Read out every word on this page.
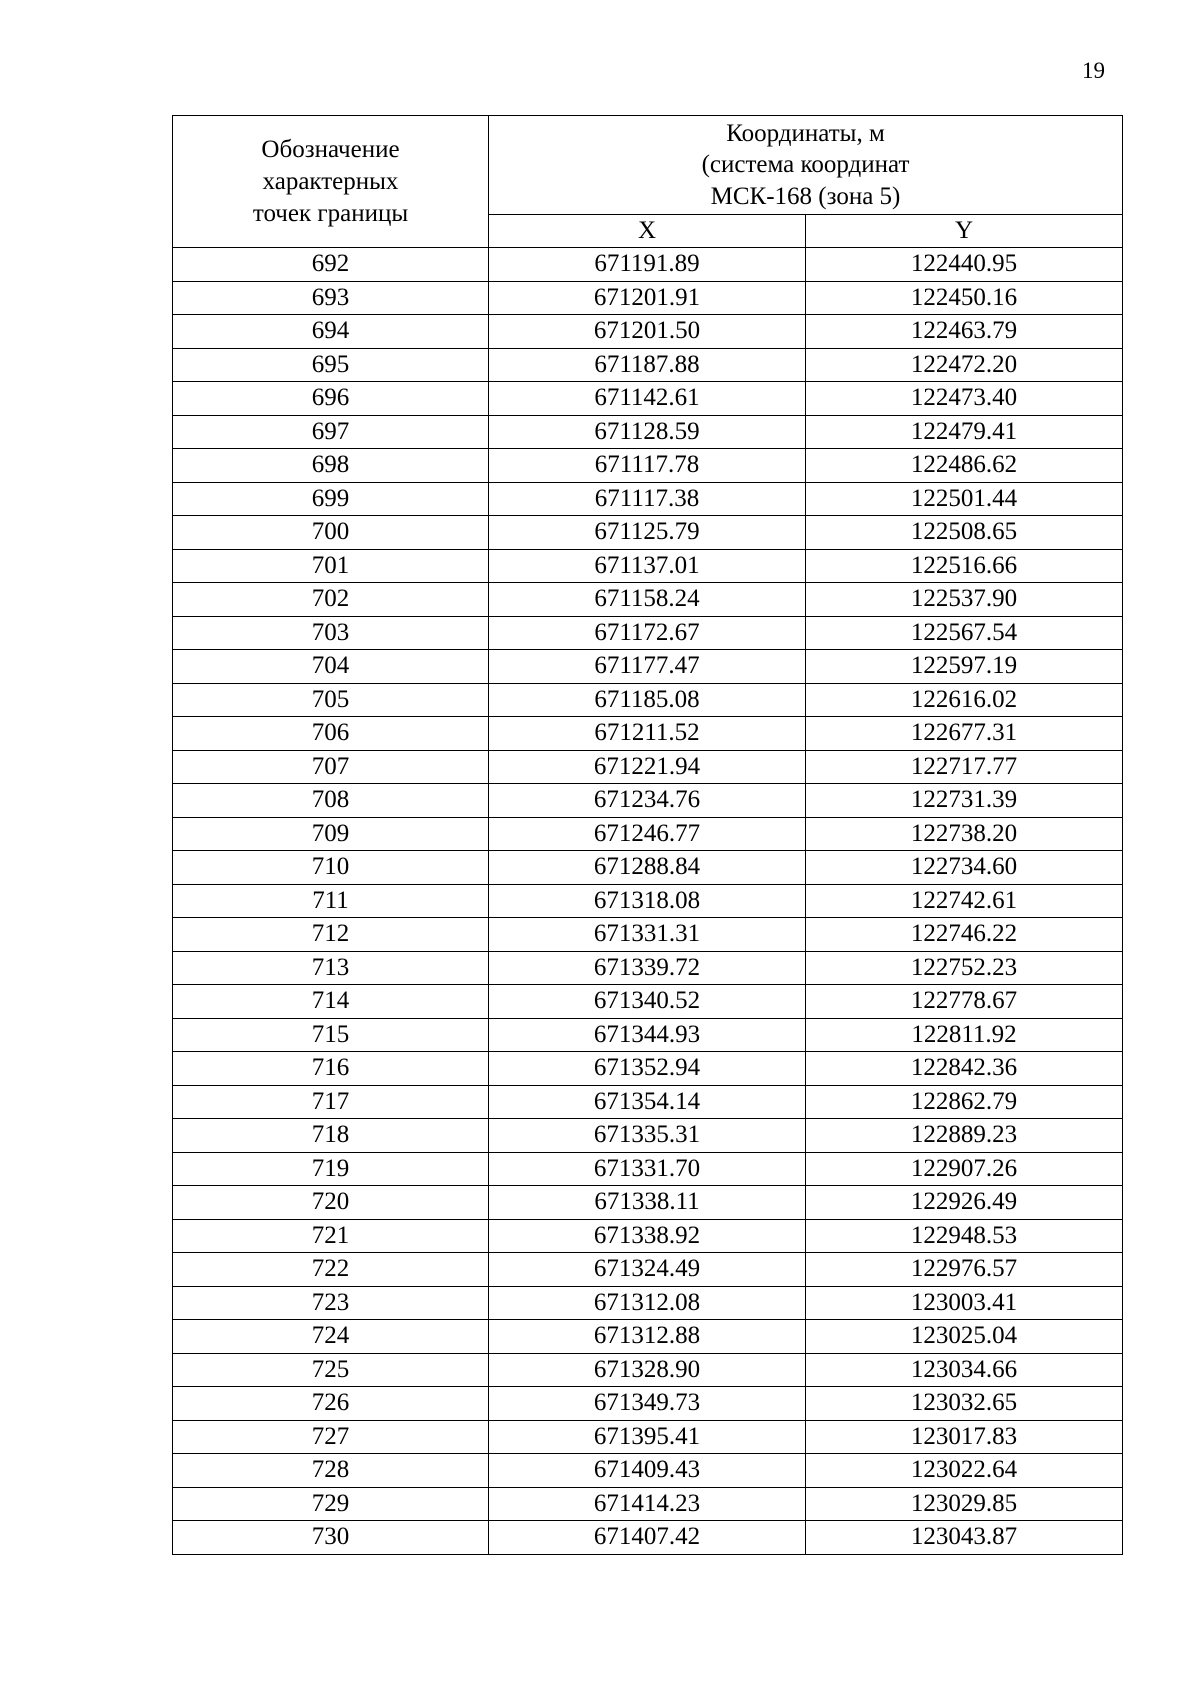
19
Обозначение
характерных
точек границы	Координаты, м
(система координат
МСК-168 (зона 5)	
	X	Y
692	671191.89	122440.95
693	671201.91	122450.16
694	671201.50	122463.79
695	671187.88	122472.20
696	671142.61	122473.40
697	671128.59	122479.41
698	671117.78	122486.62
699	671117.38	122501.44
700	671125.79	122508.65
701	671137.01	122516.66
702	671158.24	122537.90
703	671172.67	122567.54
704	671177.47	122597.19
705	671185.08	122616.02
706	671211.52	122677.31
707	671221.94	122717.77
708	671234.76	122731.39
709	671246.77	122738.20
710	671288.84	122734.60
711	671318.08	122742.61
712	671331.31	122746.22
713	671339.72	122752.23
714	671340.52	122778.67
715	671344.93	122811.92
716	671352.94	122842.36
717	671354.14	122862.79
718	671335.31	122889.23
719	671331.70	122907.26
720	671338.11	122926.49
721	671338.92	122948.53
722	671324.49	122976.57
723	671312.08	123003.41
724	671312.88	123025.04
725	671328.90	123034.66
726	671349.73	123032.65
727	671395.41	123017.83
728	671409.43	123022.64
729	671414.23	123029.85
730	671407.42	123043.87
